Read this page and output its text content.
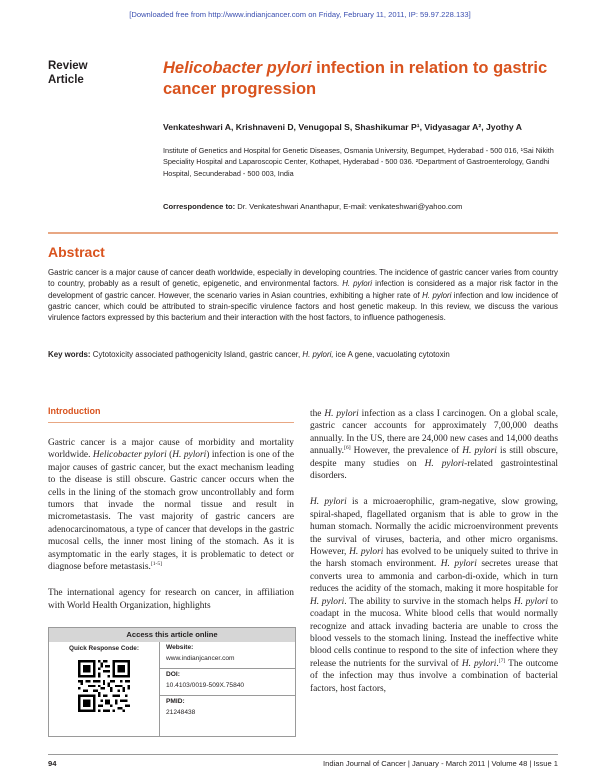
[Downloaded free from http://www.indianjcancer.com on Friday, February 11, 2011, IP: 59.97.228.133]
Review
Article
Helicobacter pylori infection in relation to gastric cancer progression
Venkateshwari A, Krishnaveni D, Venugopal S, Shashikumar P¹, Vidyasagar A², Jyothy A
Institute of Genetics and Hospital for Genetic Diseases, Osmania University, Begumpet, Hyderabad - 500 016, ¹Sai Nikith Speciality Hospital and Laparoscopic Center, Kothapet, Hyderabad - 500 036. ²Department of Gastroenterology, Gandhi Hospital, Secunderabad - 500 003, India
Correspondence to: Dr. Venkateshwari Ananthapur, E-mail: venkateshwari@yahoo.com
Abstract
Gastric cancer is a major cause of cancer death worldwide, especially in developing countries. The incidence of gastric cancer varies from country to country, probably as a result of genetic, epigenetic, and environmental factors. H. pylori infection is considered as a major risk factor in the development of gastric cancer. However, the scenario varies in Asian countries, exhibiting a higher rate of H. pylori infection and low incidence of gastric cancer, which could be attributed to strain-specific virulence factors and host genetic makeup. In this review, we discuss the various virulence factors expressed by this bacterium and their interaction with the host factors, to influence pathogenesis.
Key words: Cytotoxicity associated pathogenicity Island, gastric cancer, H. pylori, ice A gene, vacuolating cytotoxin
Introduction

Gastric cancer is a major cause of morbidity and mortality worldwide. Helicobacter pylori (H. pylori) infection is one of the major causes of gastric cancer, but the exact mechanism leading to the disease is still obscure. Gastric cancer occurs when the cells in the lining of the stomach grow uncontrollably and form tumors that invade the normal tissue and result in micrometastasis. The vast majority of gastric cancers are adenocarcinomatous, a type of cancer that develops in the gastric mucosal cells, the inner most lining of the stomach. As it is asymptomatic in the early stages, it is problematic to detect or diagnose before metastasis.[1-5]

The international agency for research on cancer, in affiliation with World Health Organization, highlights

the H. pylori infection as a class I carcinogen. On a global scale, gastric cancer accounts for approximately 7,00,000 deaths annually. In the US, there are 24,000 new cases and 14,000 deaths annually.[6] However, the prevalence of H. pylori is still obscure, despite many studies on H. pylori-related gastrointestinal disorders.

H. pylori is a microaerophilic, gram-negative, slow growing, spiral-shaped, flagellated organism that is able to grow in the human stomach. Normally the acidic microenvironment prevents the survival of viruses, bacteria, and other micro organisms. However, H. pylori has evolved to be uniquely suited to thrive in the harsh stomach environment. H. pylori secretes urease that converts urea to ammonia and carbon-di-oxide, which in turn reduces the acidity of the stomach, making it more hospitable for H. pylori. The ability to survive in the stomach helps H. pylori to coadapt in the mucosa. White blood cells that would normally recognize and attack invading bacteria are unable to cross the blood vessels to the stomach lining. Instead the ineffective white blood cells continue to respond to the site of infection where they release the nutrients for the survival of H. pylori.[7] The outcome of the infection may thus involve a combination of bacterial factors, host factors,

Access this article online
Quick Response Code:	Website:
www.indianjcancer.com
DOI:
10.4103/0019-509X.75840
PMID:
21248438
94	Indian Journal of Cancer | January - March 2011 | Volume 48 | Issue 1
